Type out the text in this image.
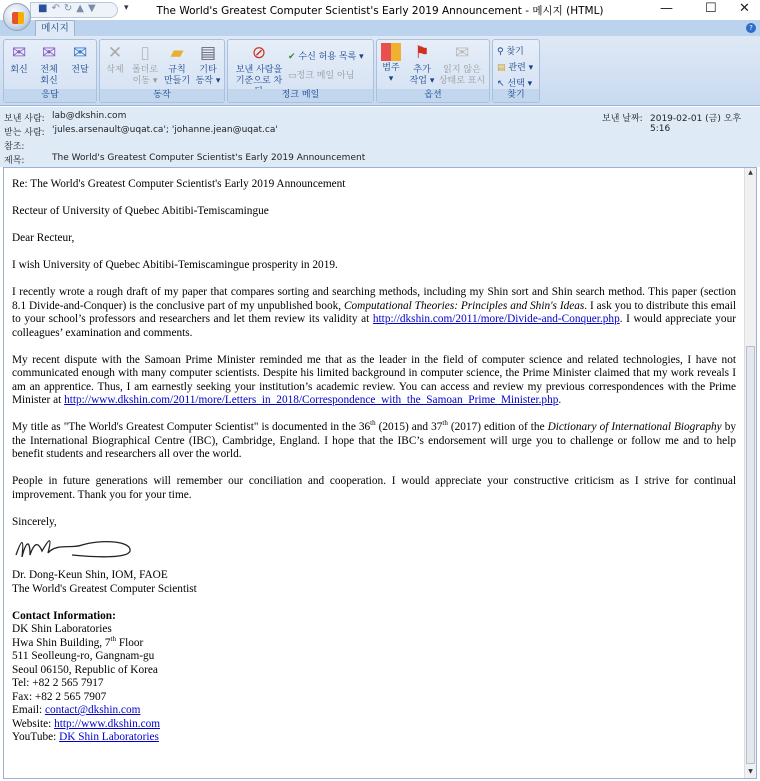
The World's Greatest Computer Scientist's Early 2019 Announcement - 메시지 (HTML)
■↶↻▲▼	▾	— ☐ ✕
메시지	?
✉
회신
✉
전체
회신
✉
전달
응답
✕
삭제
▯
폴더로
이동 ▾
▰
규칙
만들기
▤
기타
동작 ▾
동작
⊘
보낸 사람을
기준으로 차
✔ 수신 허용 목록 ▾
▭정크 메일 아님
정크 메일
범주
▾
⚑
추가
작업 ▾
✉
읽지 않은
상태로 표시
옵션
⚲ 찾기
▤ 관련 ▾
↖ 선택 ▾
찾기
보낸 사람: lab@dkshin.com
받는 사람: 'jules.arsenault@uqat.ca'; 'johanne.jean@uqat.ca'
참조:
제목:	The World's Greatest Computer Scientist's Early 2019 Announcement
보낸 날짜: 2019-02-01 (금) 오후 5:16

Re: The World's Greatest Computer Scientist's Early 2019 Announcement

Recteur of University of Quebec Abitibi-Temiscamingue

Dear Recteur,

I wish University of Quebec Abitibi-Temiscamingue prosperity in 2019.

I recently wrote a rough draft of my paper that compares sorting and searching methods, including my Shin sort and Shin search method. This paper (section 8.1 Divide-and-Conquer) is the conclusive part of my unpublished book, Computational Theories: Principles and Shin's Ideas. I ask you to distribute this email to your school’s professors and researchers and let them review its validity at http://dkshin.com/2011/more/Divide-and-Conquer.php. I would appreciate your colleagues’ examination and comments.

My recent dispute with the Samoan Prime Minister reminded me that as the leader in the field of computer science and related technologies, I have not communicated enough with many computer scientists. Despite his limited background in computer science, the Prime Minister claimed that my work reveals I am an apprentice. Thus, I am earnestly seeking your institution’s academic review. You can access and review my previous correspondences with the Prime Minister at http://www.dkshin.com/2011/more/Letters_in_2018/Correspondence_with_the_Samoan_Prime_Minister.php.

My title as "The World's Greatest Computer Scientist" is documented in the 36th (2015) and 37th (2017) edition of the Dictionary of International Biography by the International Biographical Centre (IBC), Cambridge, England. I hope that the IBC’s endorsement will urge you to challenge or follow me and to help benefit students and researchers all over the world.

People in future generations will remember our conciliation and cooperation. I would appreciate your constructive criticism as I strive for continual improvement. Thank you for your time.

Sincerely,

Dr. Dong-Keun Shin, IOM, FAOE
The World's Greatest Computer Scientist
Contact Information:
DK Shin Laboratories
Hwa Shin Building, 7th Floor
511 Seolleung-ro, Gangnam-gu
Seoul 06150, Republic of Korea
Tel: +82 2 565 7917
Fax: +82 2 565 7907
Email: contact@dkshin.com
Website: http://www.dkshin.com
YouTube: DK Shin Laboratories
▲
▼
